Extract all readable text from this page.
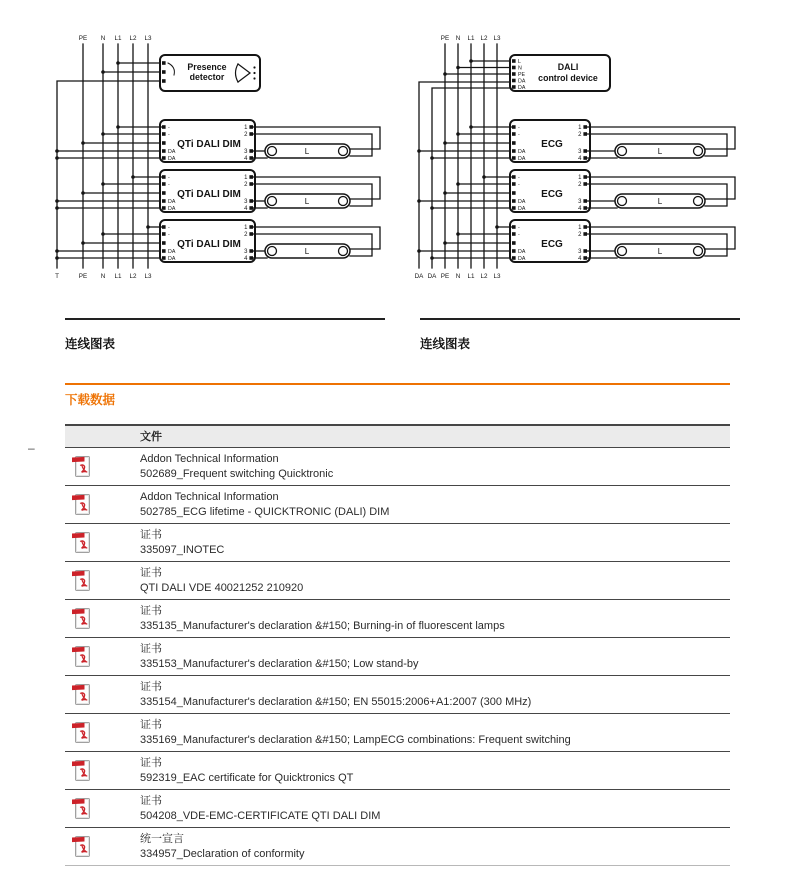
-
-
DA
1
2
3
QTi DALI DIM
L
PE N L1 L2 L3
T	PE N L1 L2 L3
Presence
detector
-
-
DA
1
2
3
ECG
L
PE N L1 L2 L3
DA DA PE N L1 L2 L3
L
N
PE
DA
DA
DALI
control device
连线图表	连线图表
下载数据
–
文件
Addon Technical Information
502689_Frequent switching Quicktronic
Addon Technical Information
502785_ECG lifetime - QUICKTRONIC (DALI) DIM
证书
335097_INOTEC
证书
QTI DALI VDE 40021252 210920
证书
335135_Manufacturer's declaration &#150; Burning-in of fluorescent lamps
证书
335153_Manufacturer's declaration &#150; Low stand-by
证书
335154_Manufacturer's declaration &#150; EN 55015:2006+A1:2007 (300 MHz)
证书
335169_Manufacturer's declaration &#150; LampECG combinations: Frequent switching
证书
592319_EAC certificate for Quicktronics QT
证书
504208_VDE-EMC-CERTIFICATE QTI DALI DIM
统一宣言
334957_Declaration of conformity
